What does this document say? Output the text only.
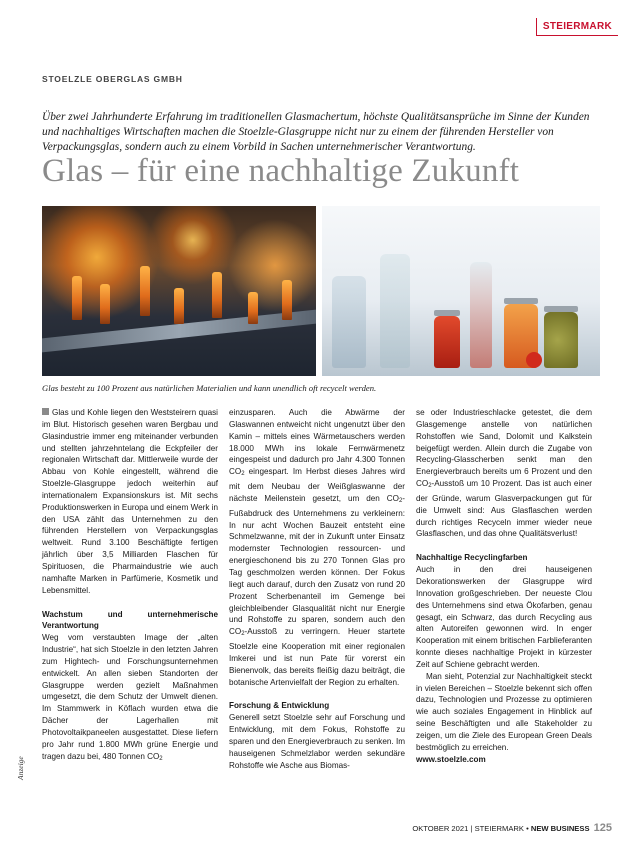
STEIERMARK
STOELZLE OBERGLAS GMBH
Über zwei Jahrhunderte Erfahrung im traditionellen Glasmachertum, höchste Qualitätsansprüche im Sinne der Kunden und nachhaltiges Wirtschaften machen die Stoelzle-Glasgruppe nicht nur zu einem der führenden Hersteller von Verpackungsglas, sondern auch zu einem Vorbild in Sachen unternehmerischer Verantwortung.
Glas – für eine nachhaltige Zukunft
Glas besteht zu 100 Prozent aus natürlichen Materialien und kann unendlich oft recycelt werden.

Glas und Kohle liegen den Weststeirern quasi im Blut. Historisch gesehen waren Bergbau und Glasindustrie immer eng miteinander verbunden und stellten jahrzehntelang die Eckpfeiler der regionalen Wirtschaft dar. Mittlerweile wurde der Abbau von Kohle eingestellt, während die Stoelzle-Glasgruppe jedoch weiterhin auf internationalem Expansionskurs ist. Mit sechs Produktionswerken in Europa und einem Werk in den USA zählt das Unternehmen zu den führenden Herstellern von Verpackungsglas weltweit. Rund 3.100 Beschäftigte fertigen jährlich über 3,5 Milliarden Flaschen für Spirituosen, die Pharmaindustrie wie auch namhafte Marken in Parfümerie, Kosmetik und Lebensmittel.

Wachstum und unternehmerische Verantwortung

Weg vom verstaubten Image der „alten Industrie“, hat sich Stoelzle in den letzten Jahren zum Hightech- und Forschungsunternehmen entwickelt. An allen sieben Standorten der Glasgruppe werden gezielt Maßnahmen umgesetzt, die dem Schutz der Umwelt dienen. Im Stammwerk in Köflach wurden etwa die Dächer der Lagerhallen mit Photovoltaikpaneelen ausgestattet. Diese liefern pro Jahr rund 1.800 MWh grüne Energie und tragen dazu bei, 480 Tonnen CO2

einzusparen. Auch die Abwärme der Glaswannen entweicht nicht ungenutzt über den Kamin – mittels eines Wärmetauschers werden 18.000 MWh ins lokale Fernwärmenetz eingespeist und dadurch pro Jahr 4.300 Tonnen CO2 eingespart. Im Herbst dieses Jahres wird mit dem Neubau der Weißglaswanne der nächste Meilenstein gesetzt, um den CO2-Fußabdruck des Unternehmens zu verkleinern: In nur acht Wochen Bauzeit entsteht eine Schmelzwanne, mit der in Zukunft unter Einsatz modernster Technologien ressourcen- und energieschonend bis zu 270 Tonnen Glas pro Tag geschmolzen werden können. Der Fokus liegt auch darauf, durch den Zusatz von rund 20 Prozent Scherbenanteil im Gemenge bei gleichbleibender Glasqualität nicht nur Energie und Rohstoffe zu sparen, sondern auch den CO2-Ausstoß zu verringern. Heuer startete Stoelzle eine Kooperation mit einer regionalen Imkerei und ist nun Pate für vorerst ein Bienenvolk, das bereits fleißig dazu beiträgt, die botanische Artenvielfalt der Region zu erhalten.

Forschung & Entwicklung

Generell setzt Stoelzle sehr auf Forschung und Entwicklung, mit dem Fokus, Rohstoffe zu sparen und den Energieverbrauch zu senken. Im hauseigenen Schmelzlabor werden sekundäre Rohstoffe wie Asche aus Biomas-

se oder Industrieschlacke getestet, die dem Glasgemenge anstelle von natürlichen Rohstoffen wie Sand, Dolomit und Kalkstein beigefügt werden. Allein durch die Zugabe von Recycling-Glasscherben senkt man den Energieverbrauch bereits um 6 Prozent und den CO2-Ausstoß um 10 Prozent. Das ist auch einer der Gründe, warum Glasverpackungen gut für die Umwelt sind: Aus Glasflaschen werden durch richtiges Recyceln immer wieder neue Glasflaschen, und das ohne Qualitätsverlust!

Nachhaltige Recyclingfarben

Auch in den drei hauseigenen Dekorationswerken der Glasgruppe wird Innovation großgeschrieben. Der neueste Clou des Unternehmens sind etwa Ökofarben, genau gesagt, ein Schwarz, das durch Recycling aus alten Autoreifen gewonnen wird. In enger Kooperation mit einem britischen Farblieferanten konnte dieses nachhaltige Projekt in kürzester Zeit auf Schiene gebracht werden.

Man sieht, Potenzial zur Nachhaltigkeit steckt in vielen Bereichen – Stoelzle bekennt sich offen dazu, Technologien und Prozesse zu optimieren wie auch soziales Engagement in Hinblick auf seine Beschäftigten und alle Stakeholder zu zeigen, um die Ziele des European Green Deals bestmöglich zu erreichen.

www.stoelzle.com

Anzeige
OKTOBER 2021 | STEIERMARK • NEW BUSINESS 125
